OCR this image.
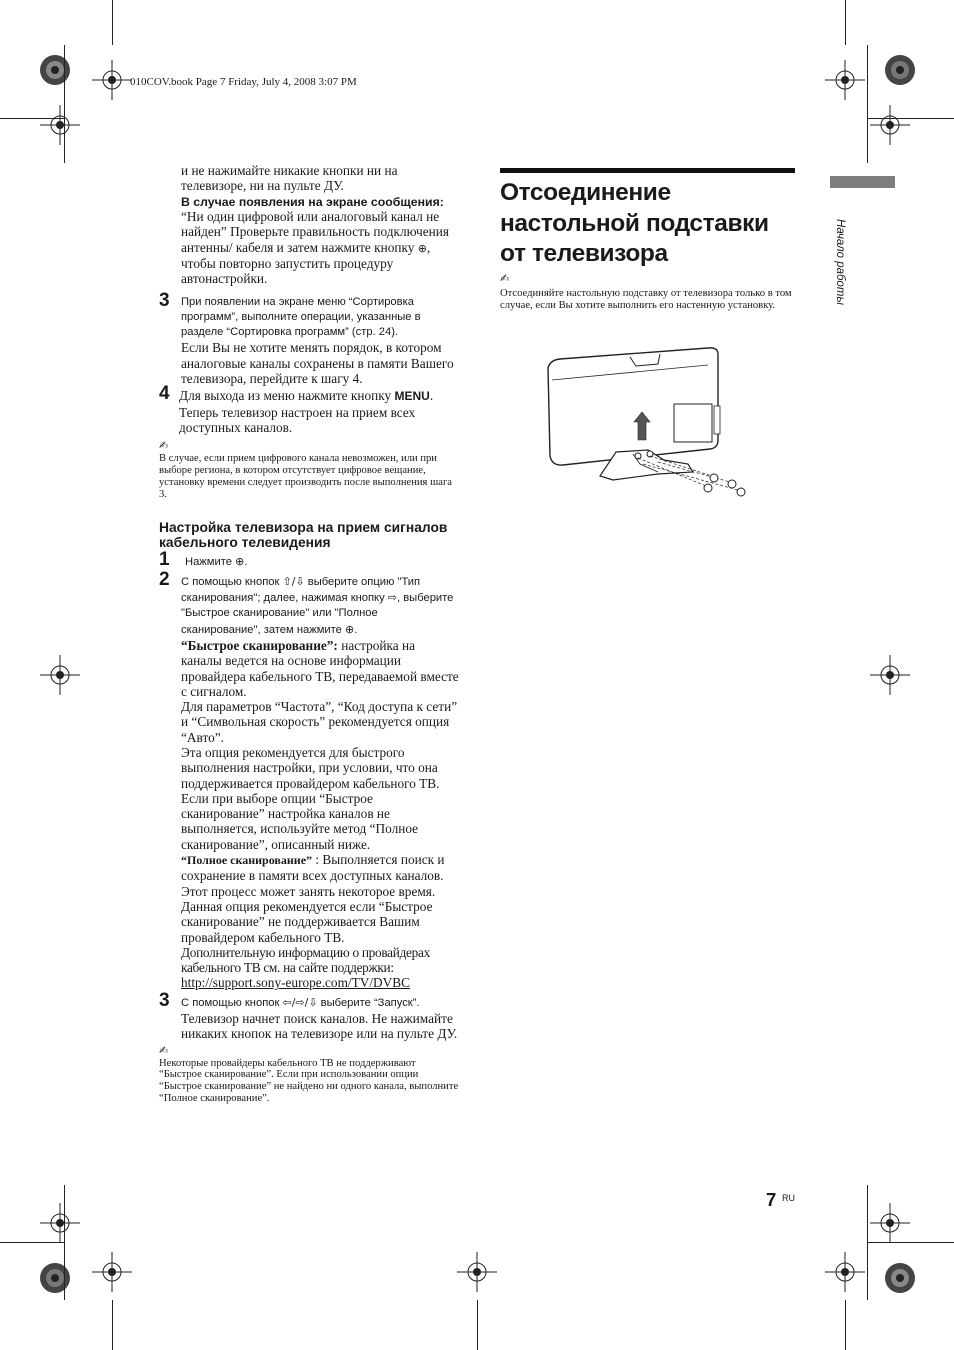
010COV.book Page 7 Friday, July 4, 2008 3:07 PM

и не нажимайте никакие кнопки ни на телевизоре, ни на пульте ДУ.

В случае появления на экране сообщения:

“Ни один цифровой или аналоговый канал не найден” Проверьте правильность подключения антенны/ кабеля и затем нажмите кнопку ⊕, чтобы повторно запустить процедуру автонастройки.

3 При появлении на экране меню “Сортировка программ”, выполните операции, указанные в разделе “Сортировка программ” (стр. 24).

Если Вы не хотите менять порядок, в котором аналоговые каналы сохранены в памяти Вашего телевизора, перейдите к шагу 4.

4 Для выхода из меню нажмите кнопку MENU. Теперь телевизор настроен на прием всех доступных каналов.

✍

В случае, если прием цифрового канала невозможен, или при выборе региона, в котором отсутствует цифровое вещание, установку времени следует производить после выполнения шага 3.

Настройка телевизора на прием сигналов кабельного телевидения

1 Нажмите ⊕.

2 С помощью кнопок ⇧/⇩ выберите опцию "Тип сканирования"; далее, нажимая кнопку ⇨, выберите "Быстрое сканирование" или "Полное сканирование", затем нажмите ⊕.

“Быстрое сканирование”: настройка на каналы ведется на основе информации провайдера кабельного ТВ, передаваемой вместе с сигналом.

Для параметров “Частота”, “Код доступа к сети” и “Символьная скорость” рекомендуется опция “Авто”.

Эта опция рекомендуется для быстрого выполнения настройки, при условии, что она поддерживается провайдером кабельного ТВ. Если при выборе опции “Быстрое сканирование” настройка каналов не выполняется, используйте метод “Полное сканирование”, описанный ниже.

“Полное сканирование” : Выполняется поиск и сохранение в памяти всех доступных каналов. Этот процесс может занять некоторое время.

Данная опция рекомендуется если “Быстрое сканирование” не поддерживается Вашим провайдером кабельного ТВ.

Дополнительную информацию о провайдерах кабельного ТВ см. на сайте поддержки:

http://support.sony-europe.com/TV/DVBC

3 С помощью кнопок ⇦/⇨/⇩ выберите “Запуск”.

Телевизор начнет поиск каналов. Не нажимайте никаких кнопок на телевизоре или на пульте ДУ.

✍

Некоторые провайдеры кабельного ТВ не поддерживают “Быстрое сканирование”. Если при использовании опции “Быстрое сканирование” не найдено ни одного канала, выполните “Полное сканирование”.

Отсоединение настольной подставки от телевизора

✍

Отсоединяйте настольную подставку от телевизора только в том случае, если Вы хотите выполнить его настенную установку.

Начало работы
7 RU
